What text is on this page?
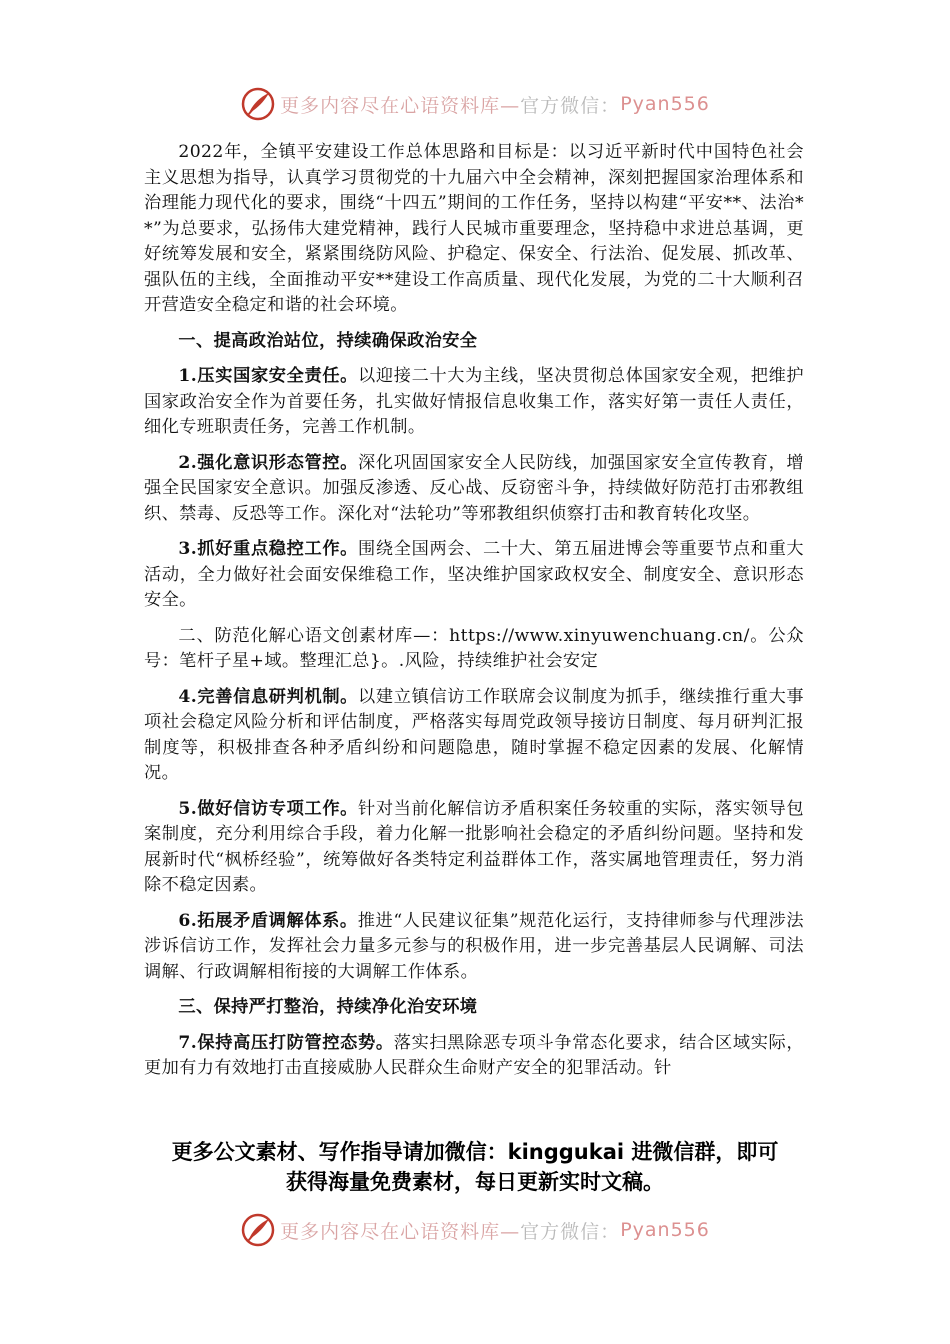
更多内容尽在心语资料库— 官方微信： Pyan556

2022年，全镇平安建设工作总体思路和目标是：以习近平新时代中国特色社会主义思想为指导，认真学习贯彻党的十九届六中全会精神，深刻把握国家治理体系和治理能力现代化的要求，围绕“十四五”期间的工作任务，坚持以构建“平安**、法治**”为总要求，弘扬伟大建党精神，践行人民城市重要理念，坚持稳中求进总基调，更好统筹发展和安全，紧紧围绕防风险、护稳定、保安全、行法治、促发展、抓改革、强队伍的主线，全面推动平安**建设工作高质量、现代化发展，为党的二十大顺利召开营造安全稳定和谐的社会环境。

一、提高政治站位，持续确保政治安全

1.压实国家安全责任。以迎接二十大为主线，坚决贯彻总体国家安全观，把维护国家政治安全作为首要任务，扎实做好情报信息收集工作，落实好第一责任人责任，细化专班职责任务，完善工作机制。

2.强化意识形态管控。深化巩固国家安全人民防线，加强国家安全宣传教育，增强全民国家安全意识。加强反渗透、反心战、反窃密斗争，持续做好防范打击邪教组织、禁毒、反恐等工作。深化对“法轮功”等邪教组织侦察打击和教育转化攻坚。

3.抓好重点稳控工作。围绕全国两会、二十大、第五届进博会等重要节点和重大活动，全力做好社会面安保维稳工作，坚决维护国家政权安全、制度安全、意识形态安全。

二、防范化解心语文创素材库—：https://www.xinyuwenchuang.cn/。公众号：笔杆子星+域。整理汇总}。.风险，持续维护社会安定

4.完善信息研判机制。以建立镇信访工作联席会议制度为抓手，继续推行重大事项社会稳定风险分析和评估制度，严格落实每周党政领导接访日制度、每月研判汇报制度等，积极排查各种矛盾纠纷和问题隐患，随时掌握不稳定因素的发展、化解情况。

5.做好信访专项工作。针对当前化解信访矛盾积案任务较重的实际，落实领导包案制度，充分利用综合手段，着力化解一批影响社会稳定的矛盾纠纷问题。坚持和发展新时代“枫桥经验”，统筹做好各类特定利益群体工作，落实属地管理责任，努力消除不稳定因素。

6.拓展矛盾调解体系。推进“人民建议征集”规范化运行，支持律师参与代理涉法涉诉信访工作，发挥社会力量多元参与的积极作用，进一步完善基层人民调解、司法调解、行政调解相衔接的大调解工作体系。

三、保持严打整治，持续净化治安环境

7.保持高压打防管控态势。落实扫黑除恶专项斗争常态化要求，结合区域实际，更加有力有效地打击直接威胁人民群众生命财产安全的犯罪活动。针

更多公文素材、写作指导请加微信：kinggukai 进微信群，即可
获得海量免费素材，每日更新实时文稿。
更多内容尽在心语资料库— 官方微信： Pyan556
